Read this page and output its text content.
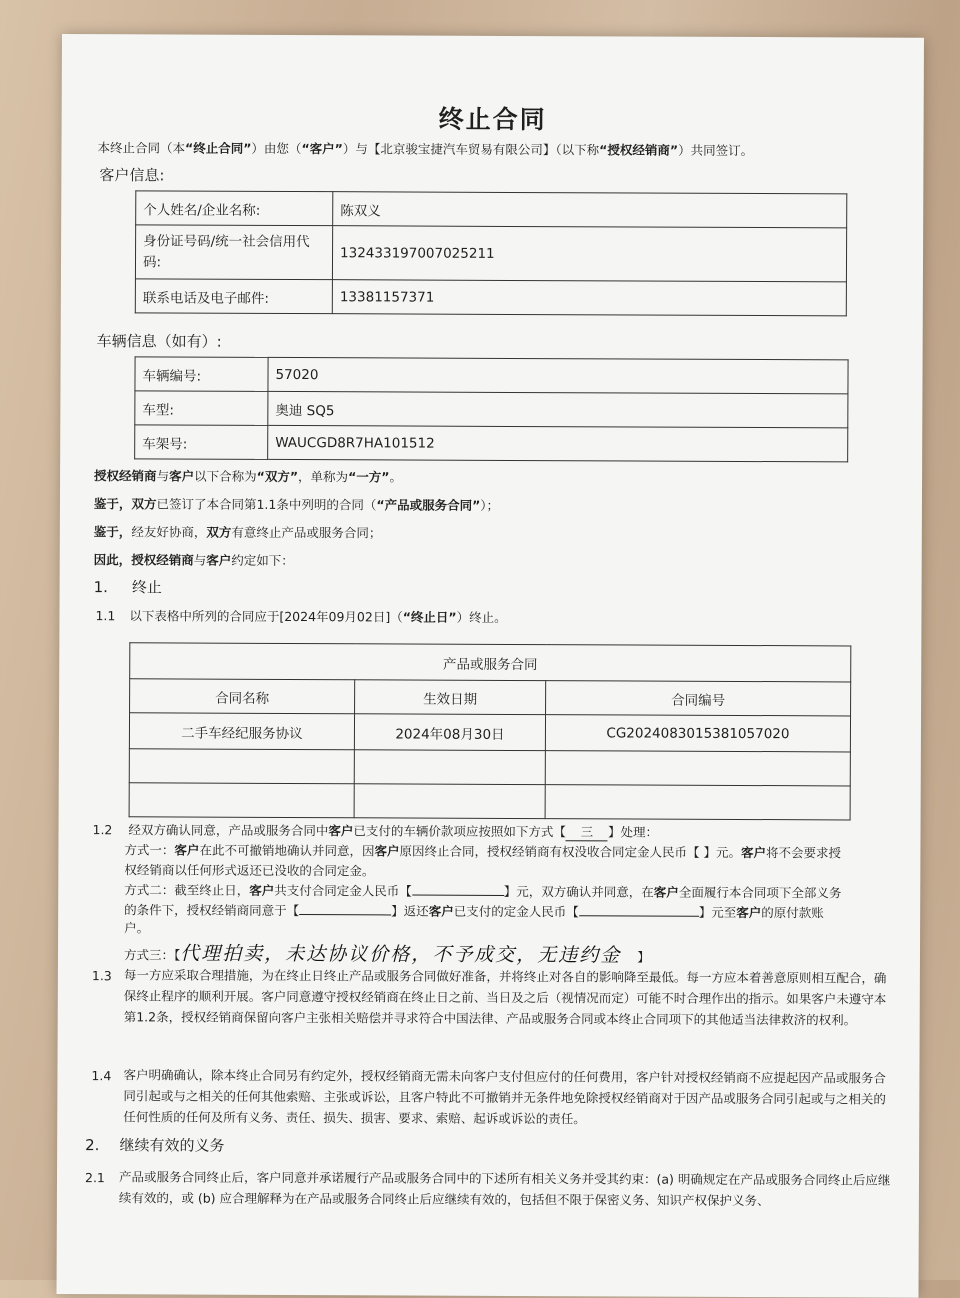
终止合同
本终止合同（本“终止合同”）由您（“客户”）与【北京骏宝捷汽车贸易有限公司】（以下称“授权经销商”）共同签订。
客户信息:
个人姓名/企业名称:	陈双义
身份证号码/统一社会信用代码:	132433197007025211
联系电话及电子邮件:	13381157371
车辆信息（如有）:
车辆编号:	57020
车型:	奥迪 SQ5
车架号:	WAUCGD8R7HA101512
授权经销商与客户以下合称为“双方”，单称为“一方”。
鉴于，双方已签订了本合同第1.1条中列明的合同（“产品或服务合同”）；
鉴于，经友好协商，双方有意终止产品或服务合同；
因此，授权经销商与客户约定如下：
1. 终止
1.1 以下表格中所列的合同应于[2024年09月02日]（“终止日”）终止。
产品或服务合同		
合同名称	生效日期	合同编号
二手车经纪服务协议	2024年08月30日	CG2024083015381057020

1.2 经双方确认同意，产品或服务合同中客户已支付的车辆价款项应按照如下方式【 三 】处理：
方式一：客户在此不可撤销地确认并同意，因客户原因终止合同，授权经销商有权没收合同定金人民币【 】元。客户将不会要求授
权经销商以任何形式返还已没收的合同定金。
方式二：截至终止日，客户共支付合同定金人民币【	】元，双方确认并同意，在客户全面履行本合同项下全部义务
的条件下，授权经销商同意于【	】返还客户已支付的定金人民币【	】元至客户的原付款账
户。
方式三：【代理拍卖，未达协议价格，不予成交，无违约金 】
1.3 每一方应采取合理措施，为在终止日终止产品或服务合同做好准备，并将终止对各自的影响降至最低。每一方应本着善意原则相互配合，确保终止程序的顺利开展。客户同意遵守授权经销商在终止日之前、当日及之后（视情况而定）可能不时合理作出的指示。如果客户未遵守本第1.2条，授权经销商保留向客户主张相关赔偿并寻求符合中国法律、产品或服务合同或本终止合同项下的其他适当法律救济的权利。
1.4 客户明确确认，除本终止合同另有约定外，授权经销商无需未向客户支付但应付的任何费用，客户针对授权经销商不应提起因产品或服务合同引起或与之相关的任何其他索赔、主张或诉讼，且客户特此不可撤销并无条件地免除授权经销商对于因产品或服务合同引起或与之相关的任何性质的任何及所有义务、责任、损失、损害、要求、索赔、起诉或诉讼的责任。
2. 继续有效的义务
2.1 产品或服务合同终止后，客户同意并承诺履行产品或服务合同中的下述所有相关义务并受其约束：(a) 明确规定在产品或服务合同终止后应继续有效的，或 (b) 应合理解释为在产品或服务合同终止后应继续有效的，包括但不限于保密义务、知识产权保护义务、
